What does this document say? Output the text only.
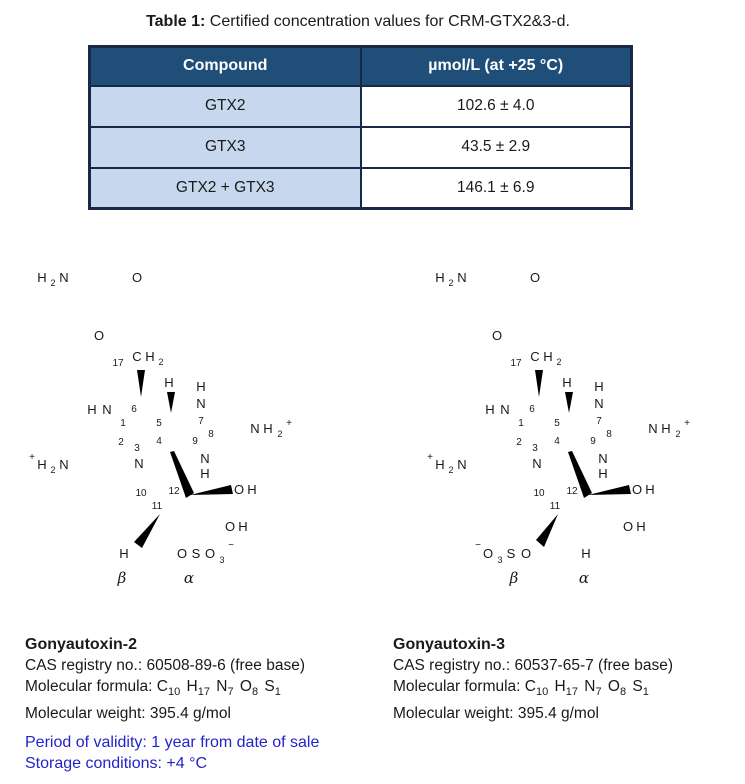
Table 1: Certified concentration values for CRM-GTX2&3-d.
Compound	µmol/L (at +25 °C)
GTX2	102.6 ± 4.0
GTX3	43.5 ± 2.9
GTX2 + GTX3	146.1 ± 6.9
H 2 N	O
O
17 C H 2
H H
H N	N
1
6
5	7
8	N H 2
+
2
3
4	9
+ H 2 N	N	N
H
10 12
11
O H
O H
H	O S O 3
−
β	α
H 2 N	O
O
17 C H 2
H H
H N	N
1
6
5	7
8	N H 2
+
2
3
4	9
+ H 2 N	N	N
H
10 12
11
O H
O H
−
O 3 S O	H
β	α
Gonyautoxin-2
CAS registry no.: 60508-89-6 (free base)
Molecular formula: $C_{10}$ $H_{17}$ $N_7$ $O_8$ $S_1$
Molecular weight: 395.4 g/mol
Gonyautoxin-3
CAS registry no.: 60537-65-7 (free base)
Molecular formula: $C_{10}$ $H_{17}$ $N_7$ $O_8$ $S_1$
Molecular weight: 395.4 g/mol
Period of validity: 1 year from date of sale
Storage conditions: +4 °C
